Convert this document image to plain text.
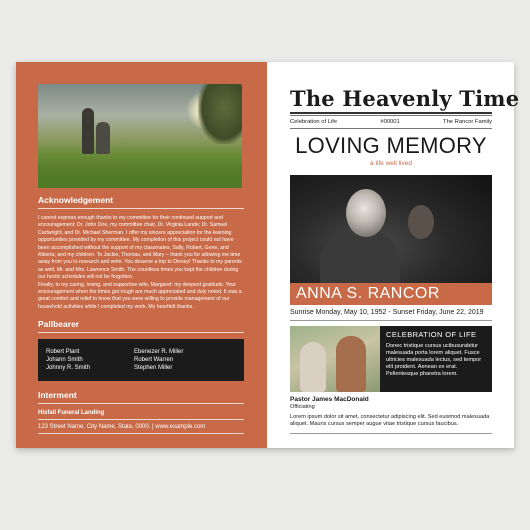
Acknowledgement

I cannot express enough thanks to my committee for their continued support and encouragement: Dr. John Doe, my committee chair, Dr. Virginia Lande; Dr. Samuel Cartwright, and Dr. Michael Sherman. I offer my sincere appreciation for the learning opportunities provided by my committee. My completion of this project could not have been accomplished without the support of my classmates, Sally, Robert, Gene, and Alberta; and my children. To Jackie, Thomas, and Mary – thank you for allowing me time away from you to research and write. You deserve a trip to Disney! Thanks to my parents as well, Mr. and Mrs. Lawrence Smith. The countless times you kept the children during our hectic schedules will not be forgotten.

Finally, to my caring, loving, and supportive wife, Margaret: my deepest gratitude. Your encouragement when the times got rough are much appreciated and duly noted. It was a great comfort and relief to know that you were willing to provide management of our household activities while I completed my work. My heartfelt thanks.

Pallbearer
Robert Plant
Johann Smith
Johnny R. Smith
Ebenezer R. Miller
Robert Warren
Stephen Miller
Interment
Hisfall Funeral Landing
123 Street Name, City Name, State, 0000. | www.example.com
The Heavenly Time
Celebration of Life	#00001	The Rancor Family
LOVING MEMORY
a life well lived
ANNA S. RANCOR
Sunrise Monday, May 10, 1952 - Sunset Friday, June 22, 2019
CELEBRATION OF LIFE
Donec tristique cursus ucibusurabitur malesuada porta lorem aliquet. Fusce ultricies malesuada lectus, sed tempor elit proident. Aenean ex erat. Pellentesque pharetra lorem.
Pastor James MacDonald
Officiating
Lorem ipsum dolor sit amet, consectetur adipiscing elit. Sed euismod malesuada aliquet. Mauris cursus semper augue vitae tristique cursus faucibus.
